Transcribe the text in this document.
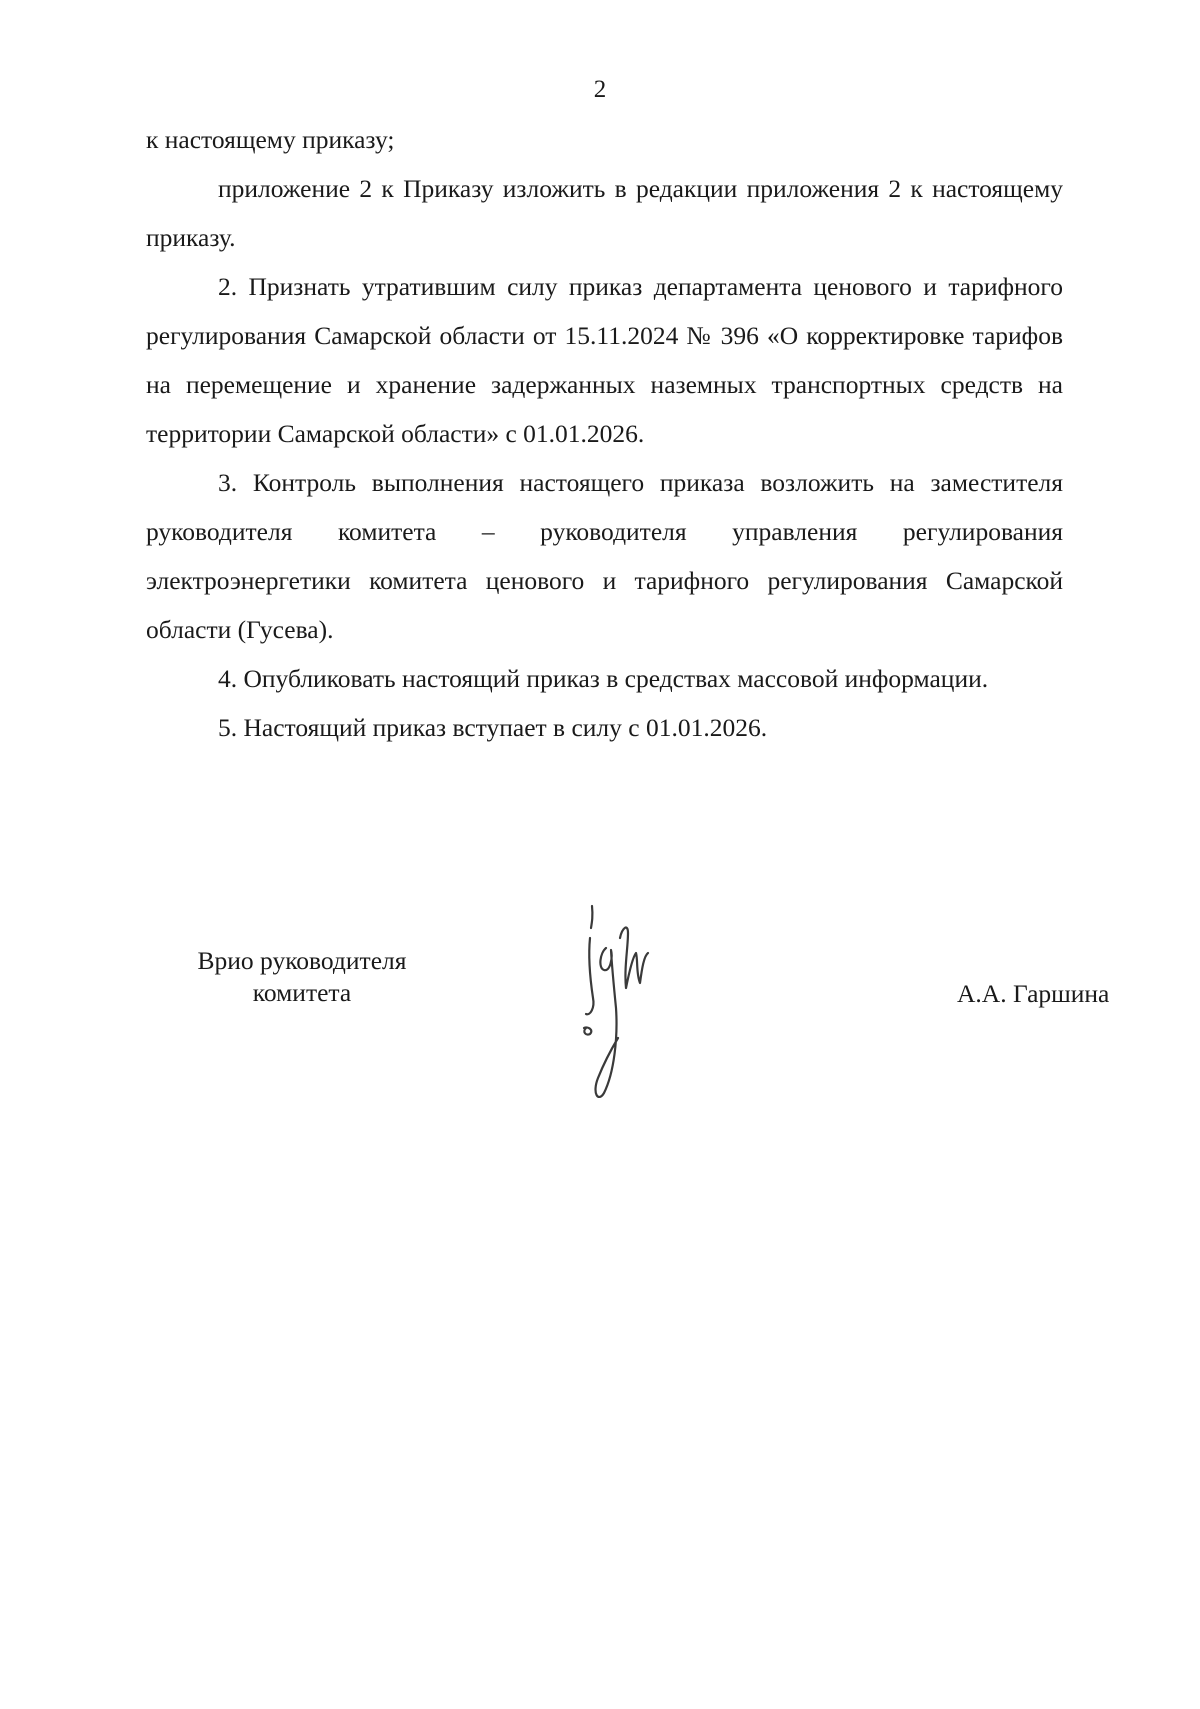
2

к настоящему приказу;

приложение 2 к Приказу изложить в редакции приложения 2 к настоящему приказу.

2. Признать утратившим силу приказ департамента ценового и тарифного регулирования Самарской области от 15.11.2024 № 396 «О корректировке тарифов на перемещение и хранение задержанных наземных транспортных средств на территории Самарской области» с 01.01.2026.

3. Контроль выполнения настоящего приказа возложить на заместителя руководителя комитета – руководителя управления регулирования электроэнергетики комитета ценового и тарифного регулирования Самарской области (Гусева).

4. Опубликовать настоящий приказ в средствах массовой информации.

5. Настоящий приказ вступает в силу с 01.01.2026.

Врио руководителя
комитета	А.А. Гаршина
